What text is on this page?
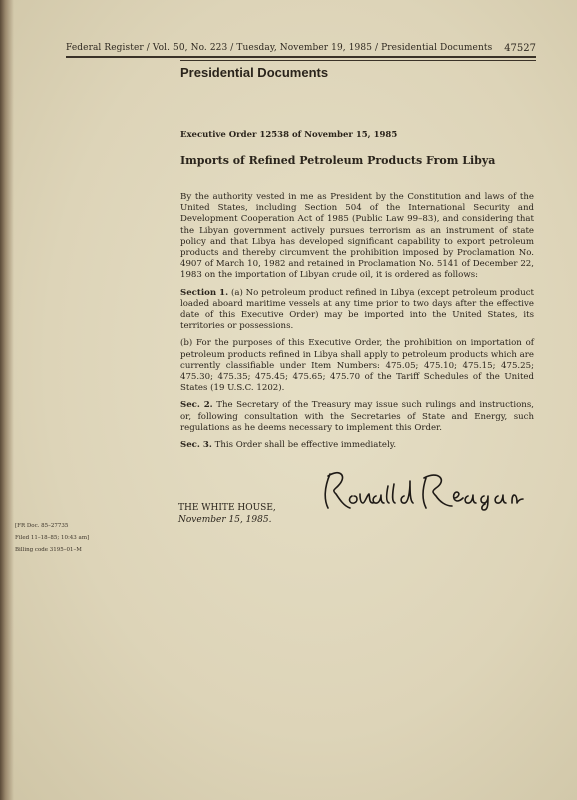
Federal Register / Vol. 50, No. 223 / Tuesday, November 19, 1985 / Presidential Documents 47527
Presidential Documents
Executive Order 12538 of November 15, 1985
Imports of Refined Petroleum Products From Libya

By the authority vested in me as President by the Constitution and laws of the United States, including Section 504 of the International Security and Development Cooperation Act of 1985 (Public Law 99–83), and considering that the Libyan government actively pursues terrorism as an instrument of state policy and that Libya has developed significant capability to export petroleum products and thereby circumvent the prohibition imposed by Proclamation No. 4907 of March 10, 1982 and retained in Proclamation No. 5141 of December 22, 1983 on the importation of Libyan crude oil, it is ordered as follows:

Section 1. (a) No petroleum product refined in Libya (except petroleum product loaded aboard maritime vessels at any time prior to two days after the effective date of this Executive Order) may be imported into the United States, its territories or possessions.

(b) For the purposes of this Executive Order, the prohibition on importation of petroleum products refined in Libya shall apply to petroleum products which are currently classifiable under Item Numbers: 475.05; 475.10; 475.15; 475.25; 475.30; 475.35; 475.45; 475.65; 475.70 of the Tariff Schedules of the United States (19 U.S.C. 1202).

Sec. 2. The Secretary of the Treasury may issue such rulings and instructions, or, following consultation with the Secretaries of State and Energy, such regulations as he deems necessary to implement this Order.

Sec. 3. This Order shall be effective immediately.

THE WHITE HOUSE,
November 15, 1985.
[FR Doc. 85–27735
Filed 11–18–85; 10:43 am]
Billing code 3195–01–M
